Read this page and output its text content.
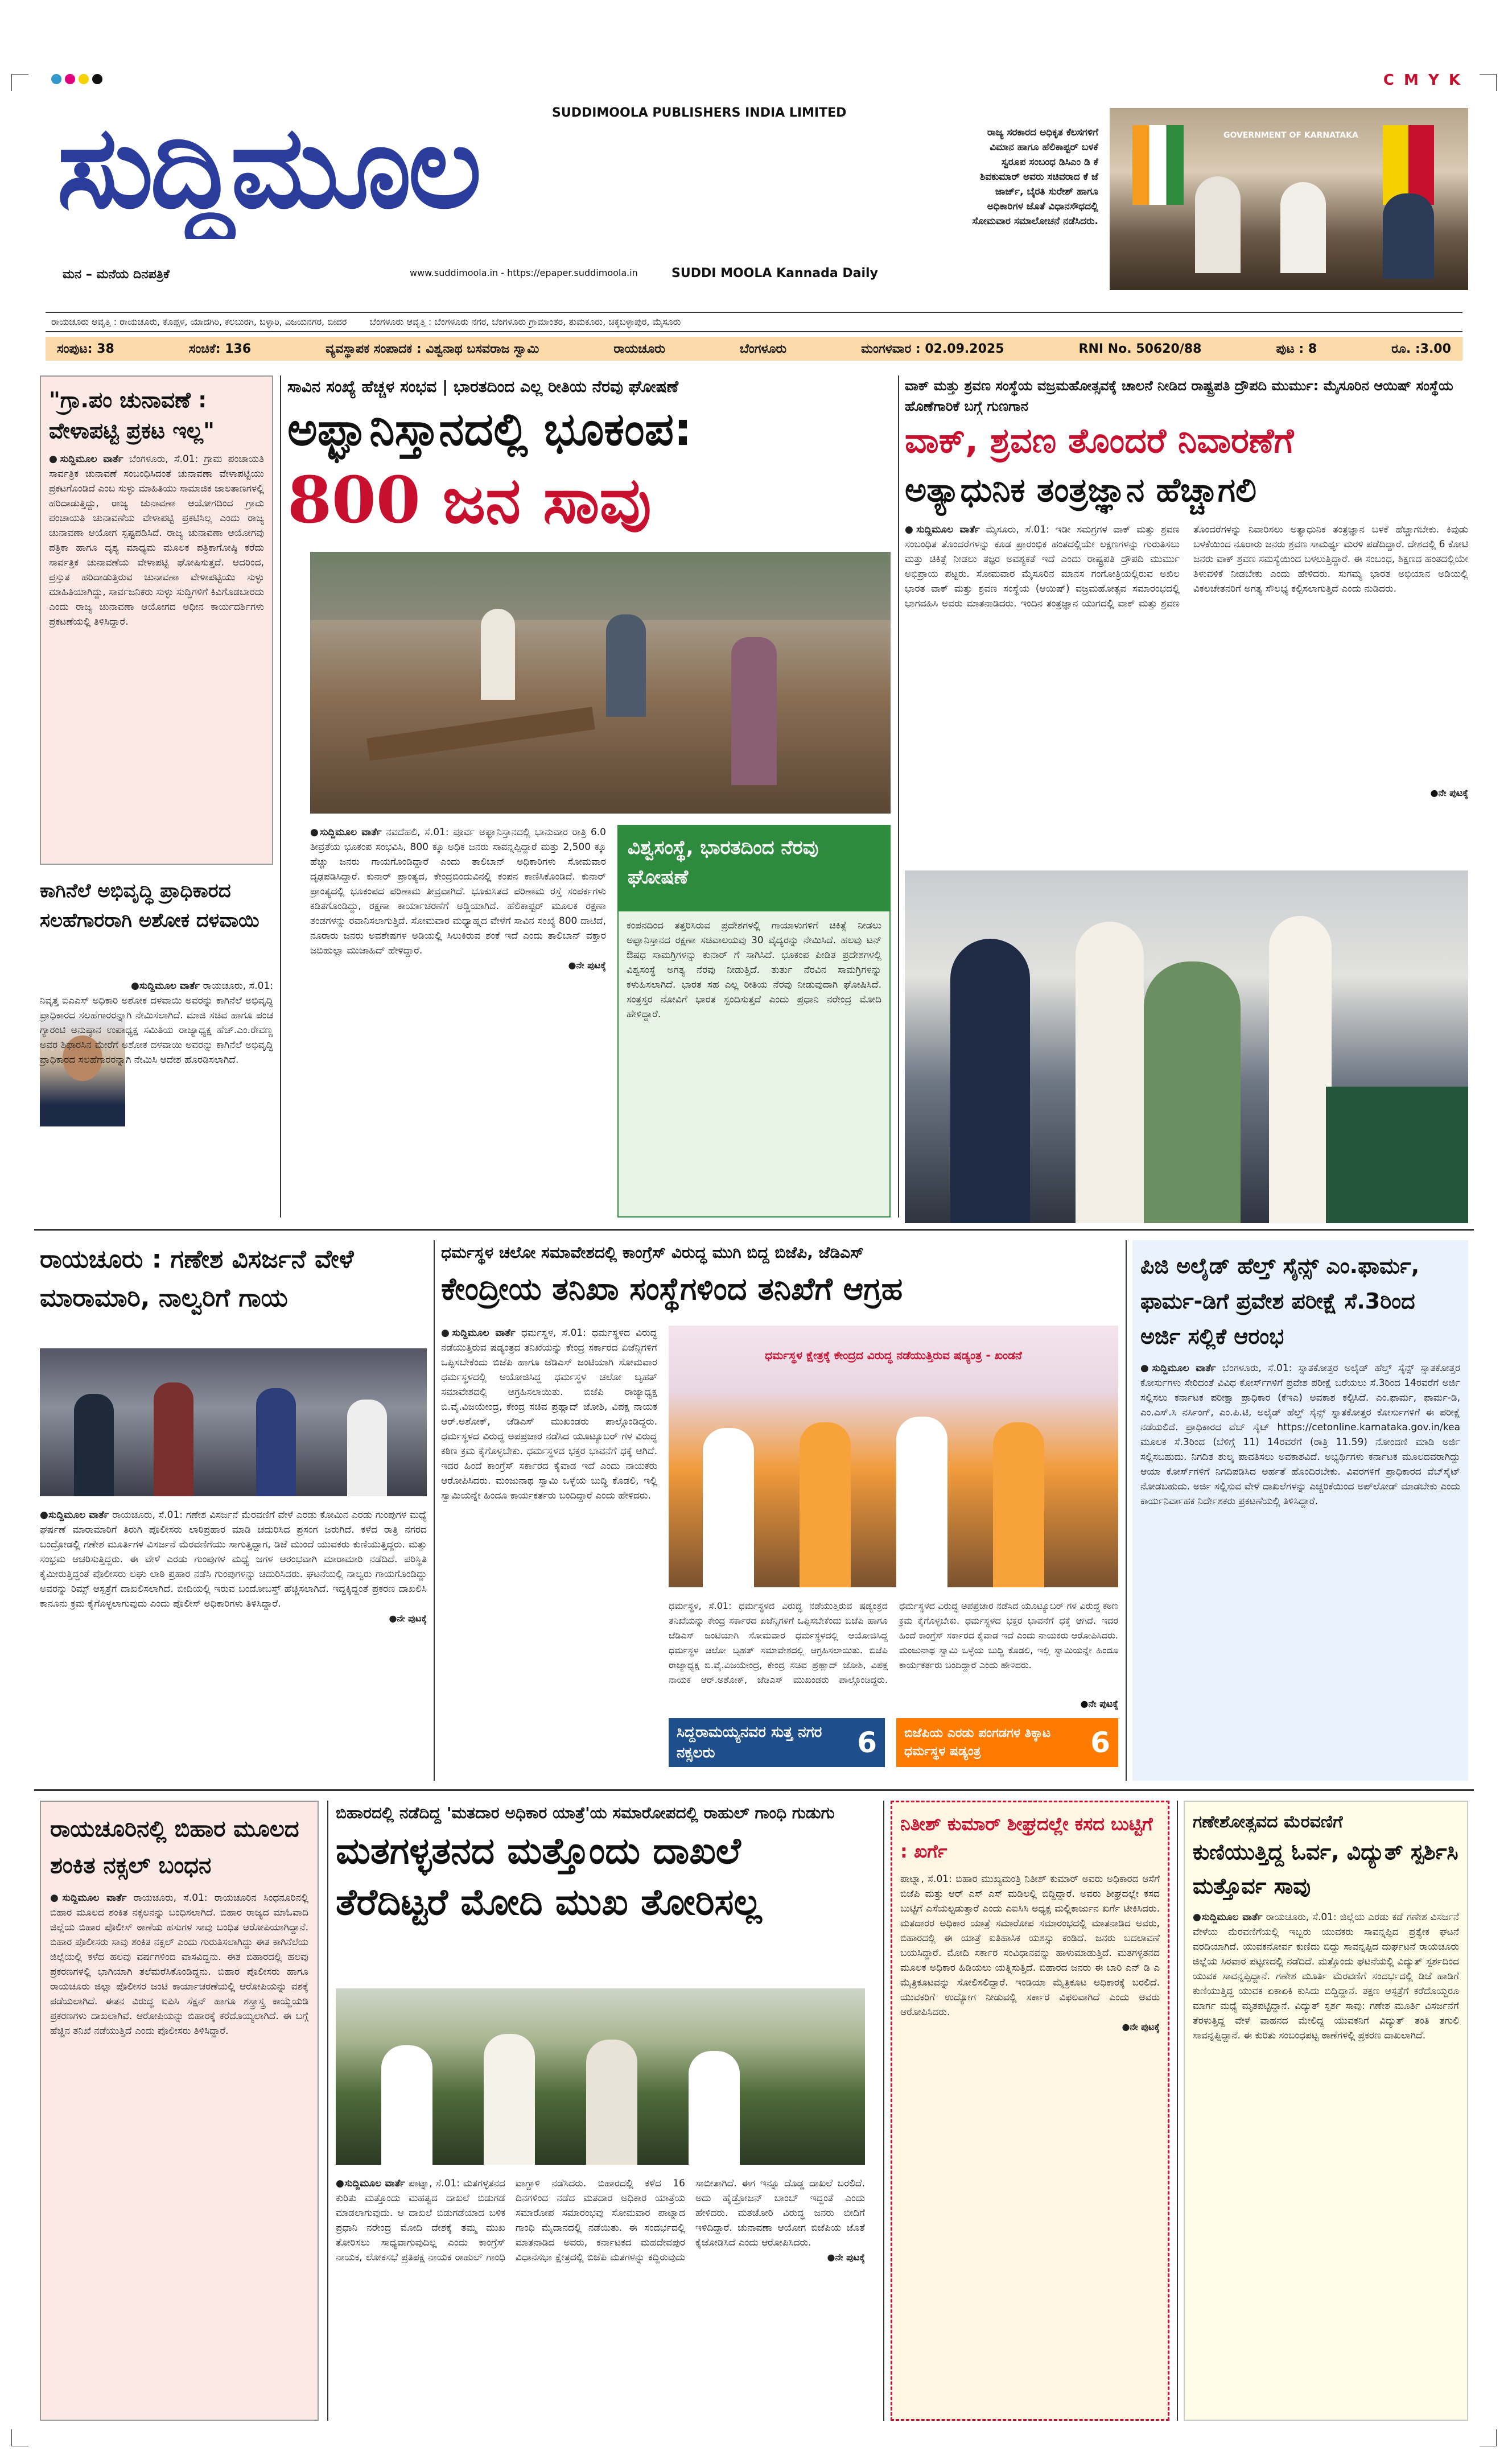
C M Y K
ಸುದ್ದಿಮೂಲ	SUDDIMOOLA PUBLISHERS INDIA LIMITED
ಮನ – ಮನೆಯ ದಿನಪತ್ರಿಕೆ	www.suddimoola.in - https://epaper.suddimoola.in	SUDDI MOOLA Kannada Daily
ರಾಜ್ಯ ಸರಕಾರದ ಅಧಿಕೃತ ಕೆಲಸಗಳಿಗೆ ವಿಮಾನ ಹಾಗೂ ಹೆಲಿಕಾಪ್ಟರ್ ಬಳಕೆ ಸ್ವರೂಪ ಸಂಬಂಧ ಡಿಸಿಎಂ ಡಿ ಕೆ ಶಿವಕುಮಾರ್ ಅವರು ಸಚಿವರಾದ ಕೆ ಜೆ ಜಾರ್ಜ್, ಬೈರತಿ ಸುರೇಶ್ ಹಾಗೂ ಅಧಿಕಾರಿಗಳ ಜೊತೆ ವಿಧಾನಸೌಧದಲ್ಲಿ ಸೋಮವಾರ ಸಮಾಲೋಚನೆ ನಡೆಸಿದರು.
GOVERNMENT OF KARNATAKA
ರಾಯಚೂರು ಆವೃತ್ತಿ : ರಾಯಚೂರು, ಕೊಪ್ಪಳ, ಯಾದಗಿರಿ, ಕಲಬುರಗಿ, ಬಳ್ಳಾರಿ, ವಿಜಯನಗರ, ಬೀದರ	ಬೆಂಗಳೂರು ಆವೃತ್ತಿ : ಬೆಂಗಳೂರು ನಗರ, ಬೆಂಗಳೂರು ಗ್ರಾಮಾಂತರ, ತುಮಕೂರು, ಚಿಕ್ಕಬಳ್ಳಾಪುರ, ಮೈಸೂರು
ಸಂಪುಟ: 38	ಸಂಚಿಕೆ: 136	ವ್ಯವಸ್ಥಾಪಕ ಸಂಪಾದಕ : ವಿಶ್ವನಾಥ ಬಸವರಾಜ ಸ್ವಾಮಿ	ರಾಯಚೂರು	ಬೆಂಗಳೂರು	ಮಂಗಳವಾರ : 02.09.2025	RNI No. 50620/88	ಪುಟ : 8	ರೂ. :3.00
"ಗ್ರಾ.ಪಂ ಚುನಾವಣೆ : ವೇಳಾಪಟ್ಟಿ ಪ್ರಕಟ ಇಲ್ಲ"
●ಸುದ್ದಿಮೂಲ ವಾರ್ತೆ ಬೆಂಗಳೂರು, ಸೆ.01: ಗ್ರಾಮ ಪಂಚಾಯತಿ ಸಾರ್ವತ್ರಿಕ ಚುನಾವಣೆ ಸಂಬಂಧಿಸಿದಂತೆ ಚುನಾವಣಾ ವೇಳಾಪಟ್ಟಿಯು ಪ್ರಕಟಗೊಂಡಿದೆ ಎಂಬ ಸುಳ್ಳು ಮಾಹಿತಿಯು ಸಾಮಾಜಿಕ ಜಾಲತಾಣಗಳಲ್ಲಿ ಹರಿದಾಡುತ್ತಿದ್ದು, ರಾಜ್ಯ ಚುನಾವಣಾ ಆಯೋಗದಿಂದ ಗ್ರಾಮ ಪಂಚಾಯತಿ ಚುನಾವಣೆಯ ವೇಳಾಪಟ್ಟಿ ಪ್ರಕಟಿಸಿಲ್ಲ ಎಂದು ರಾಜ್ಯ ಚುನಾವಣಾ ಆಯೋಗ ಸ್ಪಷ್ಟಪಡಿಸಿದೆ. ರಾಜ್ಯ ಚುನಾವಣಾ ಆಯೋಗವು ಪತ್ರಿಕಾ ಹಾಗೂ ದೃಶ್ಯ ಮಾಧ್ಯಮ ಮೂಲಕ ಪತ್ರಿಕಾಗೋಷ್ಠಿ ಕರೆದು ಸಾರ್ವತ್ರಿಕ ಚುನಾವಣೆಯ ವೇಳಾಪಟ್ಟಿ ಘೋಷಿಸುತ್ತದೆ. ಆದರಿಂದ, ಪ್ರಸ್ತುತ ಹರಿದಾಡುತ್ತಿರುವ ಚುನಾವಣಾ ವೇಳಾಪಟ್ಟಿಯು ಸುಳ್ಳು ಮಾಹಿತಿಯಾಗಿದ್ದು, ಸಾರ್ವಜನಿಕರು ಸುಳ್ಳು ಸುದ್ದಿಗಳಿಗೆ ಕಿವಿಗೊಡಬಾರದು ಎಂದು ರಾಜ್ಯ ಚುನಾವಣಾ ಆಯೋಗದ ಅಧೀನ ಕಾರ್ಯದರ್ಶಿಗಳು ಪ್ರಕಟಣೆಯಲ್ಲಿ ತಿಳಿಸಿದ್ದಾರೆ.
ಕಾಗಿನೆಲೆ ಅಭಿವೃದ್ಧಿ ಪ್ರಾಧಿಕಾರದ ಸಲಹೆಗಾರರಾಗಿ ಅಶೋಕ ದಳವಾಯಿ
●ಸುದ್ದಿಮೂಲ ವಾರ್ತೆ ರಾಯಚೂರು, ಸೆ.01: ನಿವೃತ್ತ ಐಎಎಸ್ ಅಧಿಕಾರಿ ಅಶೋಕ ದಳವಾಯಿ ಅವರನ್ನು ಕಾಗಿನೆಲೆ ಅಭಿವೃದ್ಧಿ ಪ್ರಾಧಿಕಾರದ ಸಲಹೆಗಾರರನ್ನಾಗಿ ನೇಮಿಸಲಾಗಿದೆ. ಮಾಜಿ ಸಚಿವ ಹಾಗೂ ಪಂಚ ಗ್ಯಾರಂಟಿ ಅನುಷ್ಠಾನ ಉಪಾಧ್ಯಕ್ಷ ಸಮಿತಿಯ ರಾಜ್ಯಾಧ್ಯಕ್ಷ ಹೆಚ್.ಎಂ.ರೇವಣ್ಣ ಅವರ ಶಿಫಾರಸಿನ ಮೇರೆಗೆ ಅಶೋಕ ದಳವಾಯಿ ಅವರನ್ನು ಕಾಗಿನೆಲೆ ಅಭಿವೃದ್ಧಿ ಪ್ರಾಧಿಕಾರದ ಸಲಹೆಗಾರರನ್ನಾಗಿ ನೇಮಿಸಿ ಆದೇಶ ಹೊರಡಿಸಲಾಗಿದೆ.
ಸಾವಿನ ಸಂಖ್ಯೆ ಹೆಚ್ಚಳ ಸಂಭವ | ಭಾರತದಿಂದ ಎಲ್ಲ ರೀತಿಯ ನೆರವು ಘೋಷಣೆ
ಅಫ್ಘಾನಿಸ್ತಾನದಲ್ಲಿ ಭೂಕಂಪ:
800 ಜನ ಸಾವು
●ಸುದ್ದಿಮೂಲ ವಾರ್ತೆ ನವದೆಹಲಿ, ಸೆ.01: ಪೂರ್ವ ಅಫ್ಘಾನಿಸ್ತಾನದಲ್ಲಿ ಭಾನುವಾರ ರಾತ್ರಿ 6.0 ತೀವ್ರತೆಯ ಭೂಕಂಪ ಸಂಭವಿಸಿ, 800 ಕ್ಕೂ ಅಧಿಕ ಜನರು ಸಾವನ್ನಪ್ಪಿದ್ದಾರೆ ಮತ್ತು 2,500 ಕ್ಕೂ ಹೆಚ್ಚು ಜನರು ಗಾಯಗೊಂಡಿದ್ದಾರೆ ಎಂದು ತಾಲಿಬಾನ್ ಅಧಿಕಾರಿಗಳು ಸೋಮವಾರ ದೃಢಪಡಿಸಿದ್ದಾರೆ. ಕುನಾರ್ ಪ್ರಾಂತ್ಯದ, ಕೇಂದ್ರಬಿಂದುವಿನಲ್ಲಿ ಕಂಪನ ಕಾಣಿಸಿಕೊಂಡಿದೆ. ಕುನಾರ್ ಪ್ರಾಂತ್ಯದಲ್ಲಿ ಭೂಕಂಪದ ಪರಿಣಾಮ ತೀವ್ರವಾಗಿದೆ. ಭೂಕುಸಿತದ ಪರಿಣಾಮ ರಸ್ತೆ ಸಂಪರ್ಕಗಳು ಕಡಿತಗೊಂಡಿದ್ದು, ರಕ್ಷಣಾ ಕಾರ್ಯಾಚರಣೆಗೆ ಅಡ್ಡಿಯಾಗಿದೆ. ಹೆಲಿಕಾಪ್ಟರ್ ಮೂಲಕ ರಕ್ಷಣಾ ತಂಡಗಳನ್ನು ರವಾನಿಸಲಾಗುತ್ತಿದೆ. ಸೋಮವಾರ ಮಧ್ಯಾಹ್ನದ ವೇಳೆಗೆ ಸಾವಿನ ಸಂಖ್ಯೆ 800 ದಾಟಿದೆ, ನೂರಾರು ಜನರು ಅವಶೇಷಗಳ ಅಡಿಯಲ್ಲಿ ಸಿಲುಕಿರುವ ಶಂಕೆ ಇದೆ ಎಂದು ತಾಲಿಬಾನ್ ವಕ್ತಾರ ಜಬಿಹುಲ್ಲಾ ಮುಜಾಹಿದ್ ಹೇಳಿದ್ದಾರೆ.
●ನೇ ಪುಟಕ್ಕೆ
ವಿಶ್ವಸಂಸ್ಥೆ, ಭಾರತದಿಂದ ನೆರವು ಘೋಷಣೆ
ಕಂಪನದಿಂದ ತತ್ತರಿಸಿರುವ ಪ್ರದೇಶಗಳಲ್ಲಿ ಗಾಯಾಳುಗಳಿಗೆ ಚಿಕಿತ್ಸೆ ನೀಡಲು ಅಫ್ಘಾನಿಸ್ತಾನದ ರಕ್ಷಣಾ ಸಚಿವಾಲಯವು 30 ವೈದ್ಯರನ್ನು ನೇಮಿಸಿದೆ. ಹಲವು ಟನ್ ಔಷಧ ಸಾಮಗ್ರಿಗಳನ್ನು ಕುನಾರ್ ಗೆ ಸಾಗಿಸಿದೆ. ಭೂಕಂಪ ಪೀಡಿತ ಪ್ರದೇಶಗಳಲ್ಲಿ ವಿಶ್ವಸಂಸ್ಥೆ ಅಗತ್ಯ ನೆರವು ನೀಡುತ್ತಿದೆ. ತುರ್ತು ನೆರವಿನ ಸಾಮಗ್ರಿಗಳನ್ನು ಕಳುಹಿಸಲಾಗಿದೆ. ಭಾರತ ಸಹ ಎಲ್ಲ ರೀತಿಯ ನೆರವು ನೀಡುವುದಾಗಿ ಘೋಷಿಸಿದೆ. ಸಂತ್ರಸ್ತರ ನೋವಿಗೆ ಭಾರತ ಸ್ಪಂದಿಸುತ್ತದೆ ಎಂದು ಪ್ರಧಾನಿ ನರೇಂದ್ರ ಮೋದಿ ಹೇಳಿದ್ದಾರೆ.
ವಾಕ್ ಮತ್ತು ಶ್ರವಣ ಸಂಸ್ಥೆಯ ವಜ್ರಮಹೋತ್ಸವಕ್ಕೆ ಚಾಲನೆ ನೀಡಿದ ರಾಷ್ಟ್ರಪತಿ ದ್ರೌಪದಿ ಮುರ್ಮು: ಮೈಸೂರಿನ ಆಯಿಷ್ ಸಂಸ್ಥೆಯ ಹೊಣೆಗಾರಿಕೆ ಬಗ್ಗೆ ಗುಣಗಾನ
ವಾಕ್, ಶ್ರವಣ ತೊಂದರೆ ನಿವಾರಣೆಗೆ
ಅತ್ಯಾಧುನಿಕ ತಂತ್ರಜ್ಞಾನ ಹೆಚ್ಚಾಗಲಿ
●ಸುದ್ದಿಮೂಲ ವಾರ್ತೆ ಮೈಸೂರು, ಸೆ.01: ಇಡೀ ಸಮಗ್ರಗಳ ವಾಕ್ ಮತ್ತು ಶ್ರವಣ ಸಂಬಂಧಿತ ತೊಂದರೆಗಳನ್ನು ಕೂಡ ಪ್ರಾರಂಭಿಕ ಹಂತದಲ್ಲಿಯೇ ಲಕ್ಷಣಗಳನ್ನು ಗುರುತಿಸಲು ಮತ್ತು ಚಿಕಿತ್ಸೆ ನೀಡಲು ತಜ್ಞರ ಅವಶ್ಯಕತೆ ಇದೆ ಎಂದು ರಾಷ್ಟ್ರಪತಿ ದ್ರೌಪದಿ ಮುರ್ಮು ಅಭಿಪ್ರಾಯ ಪಟ್ಟರು. ಸೋಮವಾರ ಮೈಸೂರಿನ ಮಾನಸ ಗಂಗೋತ್ರಿಯಲ್ಲಿರುವ ಅಖಿಲ ಭಾರತ ವಾಕ್ ಮತ್ತು ಶ್ರವಣ ಸಂಸ್ಥೆಯ (ಆಯಿಷ್) ವಜ್ರಮಹೋತ್ಸವ ಸಮಾರಂಭದಲ್ಲಿ ಭಾಗವಹಿಸಿ ಅವರು ಮಾತನಾಡಿದರು. ಇಂದಿನ ತಂತ್ರಜ್ಞಾನ ಯುಗದಲ್ಲಿ ವಾಕ್ ಮತ್ತು ಶ್ರವಣ ತೊಂದರೆಗಳನ್ನು ನಿವಾರಿಸಲು ಅತ್ಯಾಧುನಿಕ ತಂತ್ರಜ್ಞಾನ ಬಳಕೆ ಹೆಚ್ಚಾಗಬೇಕು. ಕಿವುಡು ಬಳಕೆಯಿಂದ ನೂರಾರು ಜನರು ಶ್ರವಣ ಸಾಮರ್ಥ್ಯ ಮರಳಿ ಪಡೆದಿದ್ದಾರೆ. ದೇಶದಲ್ಲಿ 6 ಕೋಟಿ ಜನರು ವಾಕ್ ಶ್ರವಣ ಸಮಸ್ಯೆಯಿಂದ ಬಳಲುತ್ತಿದ್ದಾರೆ. ಈ ಸಂಬಂಧ, ಶಿಕ್ಷಣದ ಹಂತದಲ್ಲಿಯೇ ತಿಳುವಳಿಕೆ ನೀಡಬೇಕು ಎಂದು ಹೇಳಿದರು. ಸುಗಮ್ಯ ಭಾರತ ಅಭಿಯಾನ ಅಡಿಯಲ್ಲಿ ವಿಕಲಚೇತನರಿಗೆ ಅಗತ್ಯ ಸೌಲಭ್ಯ ಕಲ್ಪಿಸಲಾಗುತ್ತಿದೆ ಎಂದು ನುಡಿದರು.
●ನೇ ಪುಟಕ್ಕೆ
ರಾಯಚೂರು : ಗಣೇಶ ವಿಸರ್ಜನೆ ವೇಳೆ ಮಾರಾಮಾರಿ, ನಾಲ್ವರಿಗೆ ಗಾಯ
●ಸುದ್ದಿಮೂಲ ವಾರ್ತೆ ರಾಯಚೂರು, ಸೆ.01: ಗಣೇಶ ವಿಸರ್ಜನೆ ಮೆರವಣಿಗೆ ವೇಳೆ ಎರಡು ಕೋಮಿನ ಎರಡು ಗುಂಪುಗಳ ಮಧ್ಯೆ ಘರ್ಷಣೆ ಮಾರಾಮಾರಿಗೆ ತಿರುಗಿ ಪೊಲೀಸರು ಲಾಠಿಪ್ರಹಾರ ಮಾಡಿ ಚದುರಿಸಿದ ಪ್ರಸಂಗ ಜರುಗಿದೆ. ಕಳೆದ ರಾತ್ರಿ ನಗರದ ಬಂದ್ರೋಡಲ್ಲಿ ಗಣೇಶ ಮೂರ್ತಿಗಳ ವಿಸರ್ಜನೆ ಮೆರವಣಿಗೆಯು ಸಾಗುತ್ತಿದ್ದಾಗ, ಡಿಜೆ ಮುಂದೆ ಯುವಕರು ಕುಣಿಯುತ್ತಿದ್ದರು. ಮತ್ತು ಸಂಭ್ರಮ ಆಚರಿಸುತ್ತಿದ್ದರು. ಈ ವೇಳೆ ಎರಡು ಗುಂಪುಗಳ ಮಧ್ಯೆ ಜಗಳ ಆರಂಭವಾಗಿ ಮಾರಾಮಾರಿ ನಡೆದಿದೆ. ಪರಿಸ್ಥಿತಿ ಕೈಮೀರುತ್ತಿದ್ದಂತೆ ಪೊಲೀಸರು ಲಘು ಲಾಠಿ ಪ್ರಹಾರ ನಡೆಸಿ ಗುಂಪುಗಳನ್ನು ಚದುರಿಸಿದರು. ಘಟನೆಯಲ್ಲಿ ನಾಲ್ವರು ಗಾಯಗೊಂಡಿದ್ದು ಅವರನ್ನು ರಿಮ್ಸ್ ಆಸ್ಪತ್ರೆಗೆ ದಾಖಲಿಸಲಾಗಿದೆ. ಬೀದಿಯಲ್ಲಿ ಇರುವ ಬಂದೋಬಸ್ತ್ ಹೆಚ್ಚಿಸಲಾಗಿದೆ. ಇದ್ದಕ್ಕಿದ್ದಂತೆ ಪ್ರಕರಣ ದಾಖಲಿಸಿ ಕಾನೂನು ಕ್ರಮ ಕೈಗೊಳ್ಳಲಾಗುವುದು ಎಂದು ಪೊಲೀಸ್ ಅಧಿಕಾರಿಗಳು ತಿಳಿಸಿದ್ದಾರೆ.
●ನೇ ಪುಟಕ್ಕೆ
ಧರ್ಮಸ್ಥಳ ಚಲೋ ಸಮಾವೇಶದಲ್ಲಿ ಕಾಂಗ್ರೆಸ್ ವಿರುದ್ಧ ಮುಗಿ ಬಿದ್ದ ಬಿಜೆಪಿ, ಜೆಡಿಎಸ್
ಕೇಂದ್ರೀಯ ತನಿಖಾ ಸಂಸ್ಥೆಗಳಿಂದ ತನಿಖೆಗೆ ಆಗ್ರಹ
●ಸುದ್ದಿಮೂಲ ವಾರ್ತೆ ಧರ್ಮಸ್ಥಳ, ಸೆ.01: ಧರ್ಮಸ್ಥಳದ ವಿರುದ್ಧ ನಡೆಯುತ್ತಿರುವ ಷಡ್ಯಂತ್ರದ ತನಿಖೆಯನ್ನು ಕೇಂದ್ರ ಸರ್ಕಾರದ ಏಜೆನ್ಸಿಗಳಿಗೆ ಒಪ್ಪಿಸಬೇಕೆಂದು ಬಿಜೆಪಿ ಹಾಗೂ ಜೆಡಿಎಸ್ ಜಂಟಿಯಾಗಿ ಸೋಮವಾರ ಧರ್ಮಸ್ಥಳದಲ್ಲಿ ಆಯೋಜಿಸಿದ್ದ ಧರ್ಮಸ್ಥಳ ಚಲೋ ಬೃಹತ್ ಸಮಾವೇಶದಲ್ಲಿ ಆಗ್ರಹಿಸಲಾಯಿತು. ಬಿಜೆಪಿ ರಾಜ್ಯಾಧ್ಯಕ್ಷ ಬಿ.ವೈ.ವಿಜಯೇಂದ್ರ, ಕೇಂದ್ರ ಸಚಿವ ಪ್ರಹ್ಲಾದ್ ಜೋಶಿ, ವಿಪಕ್ಷ ನಾಯಕ ಆರ್.ಅಶೋಕ್, ಜೆಡಿಎಸ್ ಮುಖಂಡರು ಪಾಲ್ಗೊಂಡಿದ್ದರು. ಧರ್ಮಸ್ಥಳದ ವಿರುದ್ಧ ಅಪಪ್ರಚಾರ ನಡೆಸಿದ ಯೂಟ್ಯೂಬರ್ ಗಳ ವಿರುದ್ಧ ಕಠಿಣ ಕ್ರಮ ಕೈಗೊಳ್ಳಬೇಕು. ಧರ್ಮಸ್ಥಳದ ಭಕ್ತರ ಭಾವನೆಗೆ ಧಕ್ಕೆ ಆಗಿದೆ. ಇದರ ಹಿಂದೆ ಕಾಂಗ್ರೆಸ್ ಸರ್ಕಾರದ ಕೈವಾಡ ಇದೆ ಎಂದು ನಾಯಕರು ಆರೋಪಿಸಿದರು. ಮಂಜುನಾಥ ಸ್ವಾಮಿ ಒಳ್ಳೆಯ ಬುದ್ಧಿ ಕೊಡಲಿ, ಇಲ್ಲಿ ಸ್ವಾಮಿಯನ್ನೇ ಹಿಂದೂ ಕಾರ್ಯಕರ್ತರು ಬಂದಿದ್ದಾರೆ ಎಂದು ಹೇಳಿದರು.
ಧರ್ಮಸ್ಥಳ ಕ್ಷೇತ್ರಕ್ಕೆ ಕೇಂದ್ರದ ವಿರುದ್ಧ ನಡೆಯುತ್ತಿರುವ ಷಡ್ಯಂತ್ರ - ಖಂಡನೆ
ಧರ್ಮಸ್ಥಳ, ಸೆ.01: ಧರ್ಮಸ್ಥಳದ ವಿರುದ್ಧ ನಡೆಯುತ್ತಿರುವ ಷಡ್ಯಂತ್ರದ ತನಿಖೆಯನ್ನು ಕೇಂದ್ರ ಸರ್ಕಾರದ ಏಜೆನ್ಸಿಗಳಿಗೆ ಒಪ್ಪಿಸಬೇಕೆಂದು ಬಿಜೆಪಿ ಹಾಗೂ ಜೆಡಿಎಸ್ ಜಂಟಿಯಾಗಿ ಸೋಮವಾರ ಧರ್ಮಸ್ಥಳದಲ್ಲಿ ಆಯೋಜಿಸಿದ್ದ ಧರ್ಮಸ್ಥಳ ಚಲೋ ಬೃಹತ್ ಸಮಾವೇಶದಲ್ಲಿ ಆಗ್ರಹಿಸಲಾಯಿತು. ಬಿಜೆಪಿ ರಾಜ್ಯಾಧ್ಯಕ್ಷ ಬಿ.ವೈ.ವಿಜಯೇಂದ್ರ, ಕೇಂದ್ರ ಸಚಿವ ಪ್ರಹ್ಲಾದ್ ಜೋಶಿ, ವಿಪಕ್ಷ ನಾಯಕ ಆರ್.ಅಶೋಕ್, ಜೆಡಿಎಸ್ ಮುಖಂಡರು ಪಾಲ್ಗೊಂಡಿದ್ದರು. ಧರ್ಮಸ್ಥಳದ ವಿರುದ್ಧ ಅಪಪ್ರಚಾರ ನಡೆಸಿದ ಯೂಟ್ಯೂಬರ್ ಗಳ ವಿರುದ್ಧ ಕಠಿಣ ಕ್ರಮ ಕೈಗೊಳ್ಳಬೇಕು. ಧರ್ಮಸ್ಥಳದ ಭಕ್ತರ ಭಾವನೆಗೆ ಧಕ್ಕೆ ಆಗಿದೆ. ಇದರ ಹಿಂದೆ ಕಾಂಗ್ರೆಸ್ ಸರ್ಕಾರದ ಕೈವಾಡ ಇದೆ ಎಂದು ನಾಯಕರು ಆರೋಪಿಸಿದರು. ಮಂಜುನಾಥ ಸ್ವಾಮಿ ಒಳ್ಳೆಯ ಬುದ್ಧಿ ಕೊಡಲಿ, ಇಲ್ಲಿ ಸ್ವಾಮಿಯನ್ನೇ ಹಿಂದೂ ಕಾರ್ಯಕರ್ತರು ಬಂದಿದ್ದಾರೆ ಎಂದು ಹೇಳಿದರು.
●ನೇ ಪುಟಕ್ಕೆ
ಸಿದ್ದರಾಮಯ್ಯನವರ ಸುತ್ತ ನಗರ ನಕ್ಸಲರು	6 ಬಿಜೆಪಿಯ ಎರಡು ಪಂಗಡಗಳ ತಿಕ್ಕಾಟ ಧರ್ಮಸ್ಥಳ ಷಡ್ಯಂತ್ರ	6
ಪಿಜಿ ಅಲೈಡ್ ಹೆಲ್ತ್ ಸೈನ್ಸ್ ಎಂ.ಫಾರ್ಮ, ಫಾರ್ಮ-ಡಿಗೆ ಪ್ರವೇಶ ಪರೀಕ್ಷೆ ಸೆ.3ರಿಂದ ಅರ್ಜಿ ಸಲ್ಲಿಕೆ ಆರಂಭ
●ಸುದ್ದಿಮೂಲ ವಾರ್ತೆ ಬೆಂಗಳೂರು, ಸೆ.01: ಸ್ನಾತಕೋತ್ತರ ಅಲೈಡ್ ಹೆಲ್ತ್ ಸೈನ್ಸ್ ಸ್ನಾತಕೋತ್ತರ ಕೋರ್ಸುಗಳು ಸೇರಿದಂತೆ ವಿವಿಧ ಕೋರ್ಸ್‌ಗಳಿಗೆ ಪ್ರವೇಶ ಪರೀಕ್ಷೆ ಬರೆಯಲು ಸೆ.3ರಿಂದ 14ರವರೆಗೆ ಅರ್ಜಿ ಸಲ್ಲಿಸಲು ಕರ್ನಾಟಕ ಪರೀಕ್ಷಾ ಪ್ರಾಧಿಕಾರ (ಕೆಇಎ) ಅವಕಾಶ ಕಲ್ಪಿಸಿದೆ. ಎಂ.ಫಾರ್ಮ, ಫಾರ್ಮ-ಡಿ, ಎಂ.ಎಸ್.ಸಿ ನರ್ಸಿಂಗ್, ಎಂ.ಪಿ.ಟಿ, ಅಲೈಡ್ ಹೆಲ್ತ್ ಸೈನ್ಸ್ ಸ್ನಾತಕೋತ್ತರ ಕೋರ್ಸುಗಳಿಗೆ ಈ ಪರೀಕ್ಷೆ ನಡೆಯಲಿದೆ. ಪ್ರಾಧಿಕಾರದ ವೆಬ್ ಸೈಟ್ https://cetonline.karnataka.gov.in/kea ಮೂಲಕ ಸೆ.3ರಿಂದ (ಬೆಳಿಗ್ಗೆ 11) 14ರವರೆಗೆ (ರಾತ್ರಿ 11.59) ನೋಂದಣಿ ಮಾಡಿ ಅರ್ಜಿ ಸಲ್ಲಿಸಬಹುದು. ನಿಗದಿತ ಶುಲ್ಕ ಪಾವತಿಸಲು ಅವಕಾಶವಿದೆ. ಅಭ್ಯರ್ಥಿಗಳು ಕರ್ನಾಟಕ ಮೂಲದವರಾಗಿದ್ದು ಆಯಾ ಕೋರ್ಸ್‌ಗಳಿಗೆ ನಿಗದಿಪಡಿಸಿದ ಅರ್ಹತೆ ಹೊಂದಿರಬೇಕು. ವಿವರಗಳಿಗೆ ಪ್ರಾಧಿಕಾರದ ವೆಬ್‌ಸೈಟ್ ನೋಡಬಹುದು. ಅರ್ಜಿ ಸಲ್ಲಿಸುವ ವೇಳೆ ದಾಖಲೆಗಳನ್ನು ಎಚ್ಚರಿಕೆಯಿಂದ ಅಪ್‌ಲೋಡ್ ಮಾಡಬೇಕು ಎಂದು ಕಾರ್ಯನಿರ್ವಾಹಕ ನಿರ್ದೇಶಕರು ಪ್ರಕಟಣೆಯಲ್ಲಿ ತಿಳಿಸಿದ್ದಾರೆ.
ರಾಯಚೂರಿನಲ್ಲಿ ಬಿಹಾರ ಮೂಲದ ಶಂಕಿತ ನಕ್ಸಲ್ ಬಂಧನ
●ಸುದ್ದಿಮೂಲ ವಾರ್ತೆ ರಾಯಚೂರು, ಸೆ.01: ರಾಯಚೂರಿನ ಸಿಂಧನೂರಿನಲ್ಲಿ ಬಿಹಾರ ಮೂಲದ ಶಂಕಿತ ನಕ್ಸಲನನ್ನು ಬಂಧಿಸಲಾಗಿದೆ. ಬಿಹಾರ ರಾಜ್ಯದ ಮಾಓವಾದಿ ಜಿಲ್ಲೆಯ ಬಿಹಾರ ಪೊಲೀಸ್ ಠಾಣೆಯ ಹಸುಗಳ ಸಾವು ಬಂಧಿತ ಆರೋಪಿಯಾಗಿದ್ದಾನೆ. ಬಿಹಾರ ಪೊಲೀಸರು ಸಾವು ಶಂಕಿತ ನಕ್ಸಲ್ ಎಂದು ಗುರುತಿಸಲಾಗಿದ್ದು ಈತ ಕಾಗಿನೆಲೆಯ ಜಿಲ್ಲೆಯಲ್ಲಿ ಕಳೆದ ಹಲವು ವರ್ಷಗಳಿಂದ ವಾಸವಿದ್ದನು. ಈತ ಬಿಹಾರದಲ್ಲಿ ಹಲವು ಪ್ರಕರಣಗಳಲ್ಲಿ ಭಾಗಿಯಾಗಿ ತಲೆಮರೆಸಿಕೊಂಡಿದ್ದನು. ಬಿಹಾರ ಪೊಲೀಸರು ಹಾಗೂ ರಾಯಚೂರು ಜಿಲ್ಲಾ ಪೊಲೀಸರ ಜಂಟಿ ಕಾರ್ಯಾಚರಣೆಯಲ್ಲಿ ಆರೋಪಿಯನ್ನು ವಶಕ್ಕೆ ಪಡೆಯಲಾಗಿದೆ. ಈತನ ವಿರುದ್ಧ ಐಪಿಸಿ ಸೆಕ್ಷನ್ ಹಾಗೂ ಶಸ್ತ್ರಾಸ್ತ್ರ ಕಾಯ್ದೆಯಡಿ ಪ್ರಕರಣಗಳು ದಾಖಲಾಗಿವೆ. ಆರೋಪಿಯನ್ನು ಬಿಹಾರಕ್ಕೆ ಕರೆದೊಯ್ಯಲಾಗಿದೆ. ಈ ಬಗ್ಗೆ ಹೆಚ್ಚಿನ ತನಿಖೆ ನಡೆಯುತ್ತಿದೆ ಎಂದು ಪೊಲೀಸರು ತಿಳಿಸಿದ್ದಾರೆ.
ಬಿಹಾರದಲ್ಲಿ ನಡೆದಿದ್ದ 'ಮತದಾರ ಅಧಿಕಾರ ಯಾತ್ರೆ'ಯ ಸಮಾರೋಪದಲ್ಲಿ ರಾಹುಲ್ ಗಾಂಧಿ ಗುಡುಗು
ಮತಗಳ್ಳತನದ ಮತ್ತೊಂದು ದಾಖಲೆ
ತೆರೆದಿಟ್ಟರೆ ಮೋದಿ ಮುಖ ತೋರಿಸಲ್ಲ
●ಸುದ್ದಿಮೂಲ ವಾರ್ತೆ ಪಾಟ್ನಾ, ಸೆ.01: ಮತಗಳ್ಳತನದ ಕುರಿತು ಮತ್ತೊಂದು ಮಹತ್ವದ ದಾಖಲೆ ಬಿಡುಗಡೆ ಮಾಡಲಾಗುವುದು. ಆ ದಾಖಲೆ ಬಿಡುಗಡೆಯಾದ ಬಳಿಕ ಪ್ರಧಾನಿ ನರೇಂದ್ರ ಮೋದಿ ದೇಶಕ್ಕೆ ತಮ್ಮ ಮುಖ ತೋರಿಸಲು ಸಾಧ್ಯವಾಗುವುದಿಲ್ಲ ಎಂದು ಕಾಂಗ್ರೆಸ್ ನಾಯಕ, ಲೋಕಸಭೆ ಪ್ರತಿಪಕ್ಷ ನಾಯಕ ರಾಹುಲ್ ಗಾಂಧಿ ವಾಗ್ದಾಳಿ ನಡೆಸಿದರು. ಬಿಹಾರದಲ್ಲಿ ಕಳೆದ 16 ದಿನಗಳಿಂದ ನಡೆದ ಮತದಾರ ಅಧಿಕಾರ ಯಾತ್ರೆಯ ಸಮಾರೋಪ ಸಮಾರಂಭವು ಸೋಮವಾರ ಪಾಟ್ನಾದ ಗಾಂಧಿ ಮೈದಾನದಲ್ಲಿ ನಡೆಯಿತು. ಈ ಸಂದರ್ಭದಲ್ಲಿ ಮಾತನಾಡಿದ ಅವರು, ಕರ್ನಾಟಕದ ಮಹದೇವಪುರ ವಿಧಾನಸಭಾ ಕ್ಷೇತ್ರದಲ್ಲಿ ಬಿಜೆಪಿ ಮತಗಳನ್ನು ಕದ್ದಿರುವುದು ಸಾಬೀತಾಗಿದೆ. ಈಗ ಇನ್ನೂ ದೊಡ್ಡ ದಾಖಲೆ ಬರಲಿದೆ. ಅದು ಹೈಡ್ರೋಜನ್ ಬಾಂಬ್ ಇದ್ದಂತೆ ಎಂದು ಹೇಳಿದರು. ಮತಚೋರಿ ವಿರುದ್ಧ ಜನರು ಬೀದಿಗೆ ಇಳಿದಿದ್ದಾರೆ. ಚುನಾವಣಾ ಆಯೋಗ ಬಿಜೆಪಿಯ ಜೊತೆ ಕೈಜೋಡಿಸಿದೆ ಎಂದು ಆರೋಪಿಸಿದರು.
●ನೇ ಪುಟಕ್ಕೆ
ನಿತೀಶ್ ಕುಮಾರ್ ಶೀಘ್ರದಲ್ಲೇ ಕಸದ ಬುಟ್ಟಿಗೆ : ಖರ್ಗೆ
ಪಾಟ್ನಾ, ಸೆ.01: ಬಿಹಾರ ಮುಖ್ಯಮಂತ್ರಿ ನಿತೀಶ್ ಕುಮಾರ್ ಅವರು ಅಧಿಕಾರದ ಆಸೆಗೆ ಬಿಜೆಪಿ ಮತ್ತು ಆರ್ ಎಸ್ ಎಸ್ ಮಡಿಲಲ್ಲಿ ಬಿದ್ದಿದ್ದಾರೆ. ಅವರು ಶೀಘ್ರದಲ್ಲೇ ಕಸದ ಬುಟ್ಟಿಗೆ ಎಸೆಯಲ್ಪಡುತ್ತಾರೆ ಎಂದು ಎಐಸಿಸಿ ಅಧ್ಯಕ್ಷ ಮಲ್ಲಿಕಾರ್ಜುನ ಖರ್ಗೆ ಟೀಕಿಸಿದರು. ಮತದಾರರ ಅಧಿಕಾರ ಯಾತ್ರೆ ಸಮಾರೋಪ ಸಮಾರಂಭದಲ್ಲಿ ಮಾತನಾಡಿದ ಅವರು, ಬಿಹಾರದಲ್ಲಿ ಈ ಯಾತ್ರೆ ಐತಿಹಾಸಿಕ ಯಶಸ್ಸು ಕಂಡಿದೆ. ಜನರು ಬದಲಾವಣೆ ಬಯಸಿದ್ದಾರೆ. ಮೋದಿ ಸರ್ಕಾರ ಸಂವಿಧಾನವನ್ನು ಹಾಳುಮಾಡುತ್ತಿದೆ. ಮತಗಳ್ಳತನದ ಮೂಲಕ ಅಧಿಕಾರ ಹಿಡಿಯಲು ಯತ್ನಿಸುತ್ತಿದೆ. ಬಿಹಾರದ ಜನರು ಈ ಬಾರಿ ಎನ್ ಡಿ ಎ ಮೈತ್ರಿಕೂಟವನ್ನು ಸೋಲಿಸಲಿದ್ದಾರೆ. ಇಂಡಿಯಾ ಮೈತ್ರಿಕೂಟ ಅಧಿಕಾರಕ್ಕೆ ಬರಲಿದೆ. ಯುವಕರಿಗೆ ಉದ್ಯೋಗ ನೀಡುವಲ್ಲಿ ಸರ್ಕಾರ ವಿಫಲವಾಗಿದೆ ಎಂದು ಅವರು ಆರೋಪಿಸಿದರು.
●ನೇ ಪುಟಕ್ಕೆ
ಗಣೇಶೋತ್ಸವದ ಮೆರವಣಿಗೆ
ಕುಣಿಯುತ್ತಿದ್ದ ಓರ್ವ, ವಿದ್ಯುತ್ ಸ್ಪರ್ಶಿಸಿ ಮತ್ತೊರ್ವ ಸಾವು
●ಸುದ್ದಿಮೂಲ ವಾರ್ತೆ ರಾಯಚೂರು, ಸೆ.01: ಜಿಲ್ಲೆಯ ಎರಡು ಕಡೆ ಗಣೇಶ ವಿಸರ್ಜನೆ ವೇಳೆಯ ಮೆರವಣಿಗೆಯಲ್ಲಿ ಇಬ್ಬರು ಯುವಕರು ಸಾವನ್ನಪ್ಪಿದ ಪ್ರತ್ಯೇಕ ಘಟನೆ ವರದಿಯಾಗಿದೆ. ಯುವಕನೋರ್ವ ಕುಣಿದು ಬಿದ್ದು ಸಾವನ್ನಪ್ಪಿದ ದುರ್ಘಟನೆ ರಾಯಚೂರು ಜಿಲ್ಲೆಯ ಸಿರವಾರ ಪಟ್ಟಣದಲ್ಲಿ ನಡೆದಿದೆ. ಮತ್ತೊಂದು ಘಟನೆಯಲ್ಲಿ ವಿದ್ಯುತ್ ಸ್ಪರ್ಶದಿಂದ ಯುವಕ ಸಾವನ್ನಪ್ಪಿದ್ದಾನೆ. ಗಣೇಶ ಮೂರ್ತಿ ಮೆರವಣಿಗೆ ಸಂದರ್ಭದಲ್ಲಿ ಡಿಜೆ ಹಾಡಿಗೆ ಕುಣಿಯುತ್ತಿದ್ದ ಯುವಕ ಏಕಾಏಕಿ ಕುಸಿದು ಬಿದ್ದಿದ್ದಾನೆ. ತಕ್ಷಣ ಆಸ್ಪತ್ರೆಗೆ ಕರೆದೊಯ್ದರೂ ಮಾರ್ಗ ಮಧ್ಯೆ ಮೃತಪಟ್ಟಿದ್ದಾನೆ. ವಿದ್ಯುತ್ ಸ್ಪರ್ಶ ಸಾವು: ಗಣೇಶ ಮೂರ್ತಿ ವಿಸರ್ಜನೆಗೆ ತೆರಳುತ್ತಿದ್ದ ವೇಳೆ ವಾಹನದ ಮೇಲಿದ್ದ ಯುವಕನಿಗೆ ವಿದ್ಯುತ್ ತಂತಿ ತಗುಲಿ ಸಾವನ್ನಪ್ಪಿದ್ದಾನೆ. ಈ ಕುರಿತು ಸಂಬಂಧಪಟ್ಟ ಠಾಣೆಗಳಲ್ಲಿ ಪ್ರಕರಣ ದಾಖಲಾಗಿದೆ.
